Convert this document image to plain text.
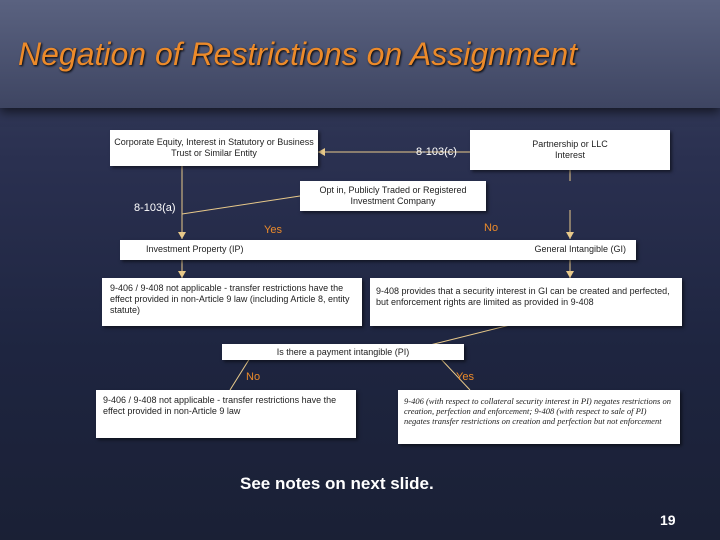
Negation of Restrictions on Assignment
Corporate Equity, Interest in Statutory or Business Trust or Similar Entity
Partnership or LLC Interest
8-103(c)
Opt in, Publicly Traded or Registered Investment Company
8-103(a)
Yes	No
Investment Property (IP)	General Intangible (GI)
9-406 / 9-408 not applicable - transfer restrictions have the effect provided in non-Article 9 law (including Article 8, entity statute)
9-408 provides that a security interest in GI can be created and perfected, but enforcement rights are limited as provided in 9-408
Is there a payment intangible (PI)
No	Yes
9-406 / 9-408 not applicable - transfer restrictions have the effect provided in non-Article 9 law
9-406 (with respect to collateral security interest in PI) negates restrictions on creation, perfection and enforcement; 9-408 (with respect to sale of PI) negates transfer restrictions on creation and perfection but not enforcement
See notes on next slide.
19
